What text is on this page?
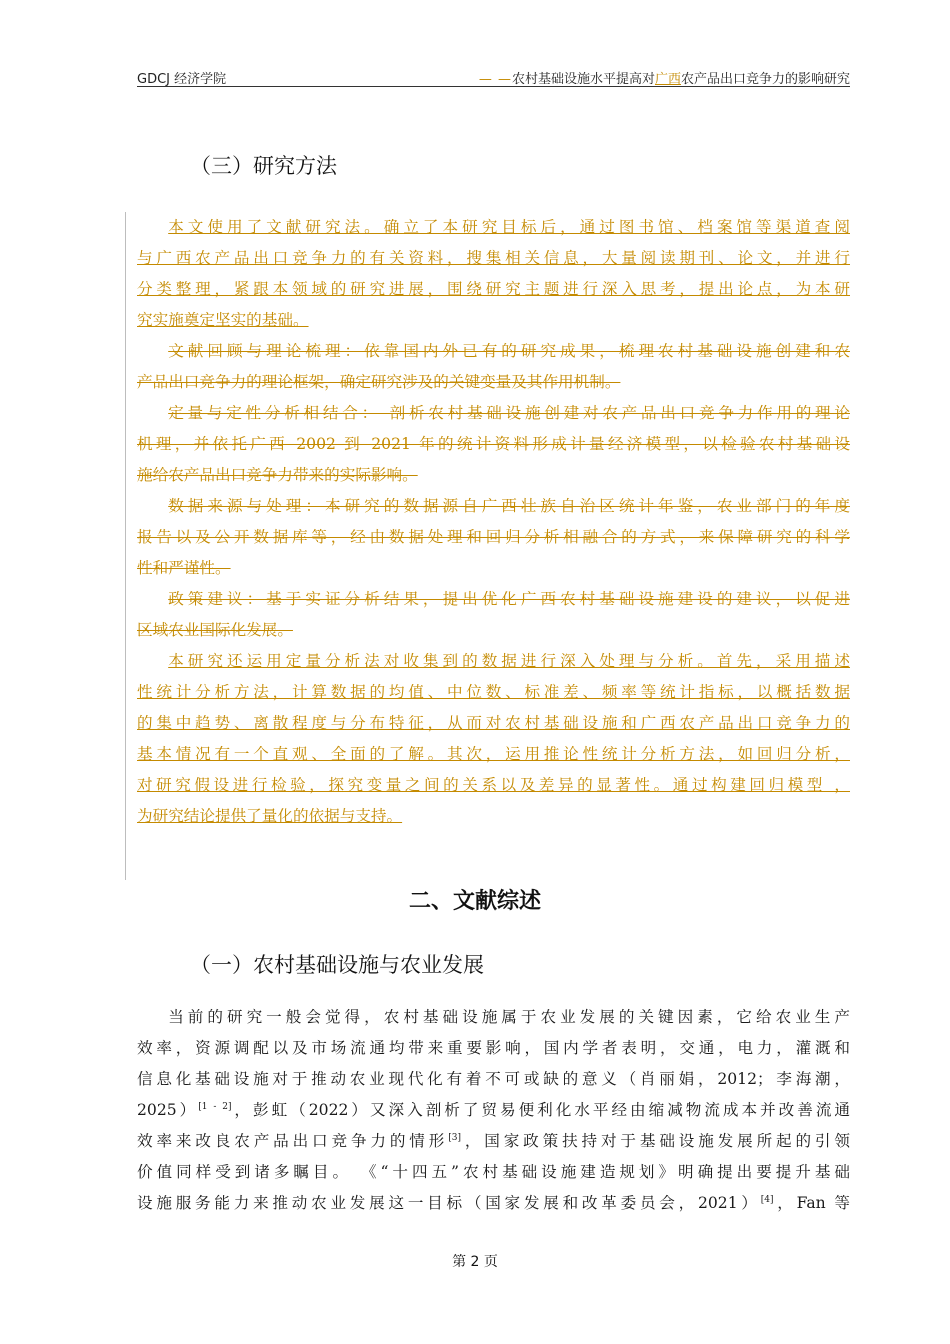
GDCJ 经济学院	— —农村基础设施水平提高对广西农产品出口竞争力的影响研究
（三）研究方法

本文使用了文献研究法。确立了本研究目标后，通过图书馆、档案馆等渠道查阅
与广西农产品出口竞争力的有关资料，搜集相关信息，大量阅读期刊、论文，并进行
分类整理，紧跟本领域的研究进展，围绕研究主题进行深入思考，提出论点，为本研
究实施奠定坚实的基础。

文献回顾与理论梳理：依靠国内外已有的研究成果，梳理农村基础设施创建和农
产品出口竞争力的理论框架，确定研究涉及的关键变量及其作用机制。

定量与定性分析相结合： 剖析农村基础设施创建对农产品出口竞争力作用的理论
机理，并依托广西 2002 到 2021 年的统计资料形成计量经济模型，以检验农村基础设
施给农产品出口竞争力带来的实际影响。

数据来源与处理：本研究的数据源自广西壮族自治区统计年鉴，农业部门的年度
报告以及公开数据库等，经由数据处理和回归分析相融合的方式，来保障研究的科学
性和严谨性。

政策建议：基于实证分析结果，提出优化广西农村基础设施建设的建议，以促进
区域农业国际化发展。

本研究还运用定量分析法对收集到的数据进行深入处理与分析。首先，采用描述
性统计分析方法，计算数据的均值、中位数、标准差、频率等统计指标，以概括数据
的集中趋势、离散程度与分布特征，从而对农村基础设施和广西农产品出口竞争力的
基本情况有一个直观、全面的了解。其次，运用推论性统计分析方法，如回归分析，
对研究假设进行检验，探究变量之间的关系以及差异的显著性。通过构建回归模型 ，
为研究结论提供了量化的依据与支持。

二、文献综述
（一）农村基础设施与农业发展

当前的研究一般会觉得，农村基础设施属于农业发展的关键因素，它给农业生产
效率，资源调配以及市场流通均带来重要影响，国内学者表明，交通，电力，灌溉和
信息化基础设施对于推动农业现代化有着不可或缺的意义（肖丽娟，2012；李海潮，
2025）[1 - 2]，彭虹（2022）又深入剖析了贸易便利化水平经由缩减物流成本并改善流通
效率来改良农产品出口竞争力的情形[3]，国家政策扶持对于基础设施发展所起的引领
价值同样受到诸多瞩目。 《“十四五”农村基础设施建造规划》明确提出要提升基础
设施服务能力来推动农业发展这一目标（国家发展和改革委员会，2021）[4]，Fan 等

第 2 页
